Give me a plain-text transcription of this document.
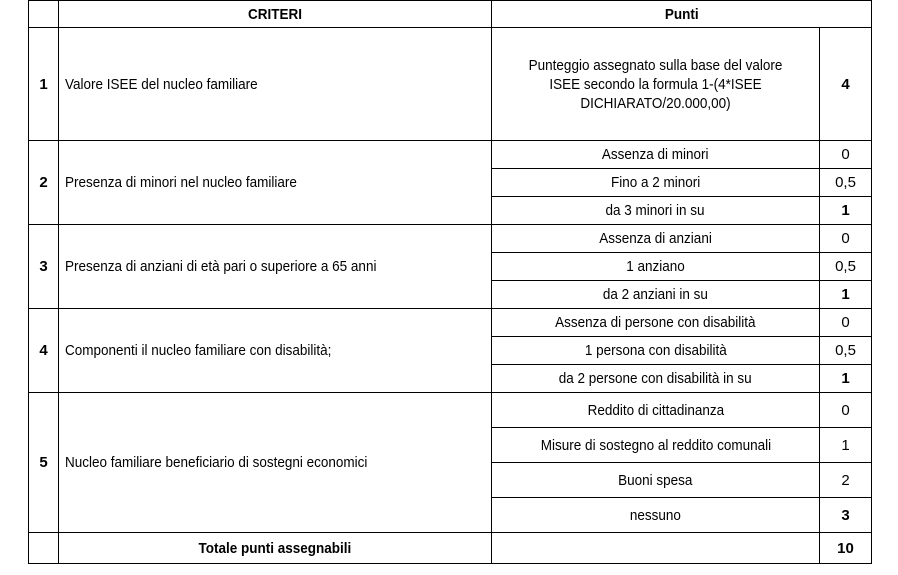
	CRITERI	Punti	
1	Valore ISEE del nucleo familiare	Punteggio assegnato sulla base del valore ISEE secondo la formula 1-(4*ISEE DICHIARATO/20.000,00)	4
2	Presenza di minori nel nucleo familiare	Assenza di minori	0
		Fino a 2 minori	0,5
		da 3 minori in su	1
3	Presenza di anziani di età pari o superiore a 65 anni	Assenza di anziani	0
		1 anziano	0,5
		da 2 anziani in su	1
4	Componenti il nucleo familiare con disabilità;	Assenza di persone con disabilità	0
		1 persona con disabilità	0,5
		da 2 persone con disabilità in su	1
5	Nucleo familiare beneficiario di sostegni economici	Reddito di cittadinanza	0
		Misure di sostegno al reddito comunali	1
		Buoni spesa	2
		nessuno	3
	Totale punti assegnabili		10
